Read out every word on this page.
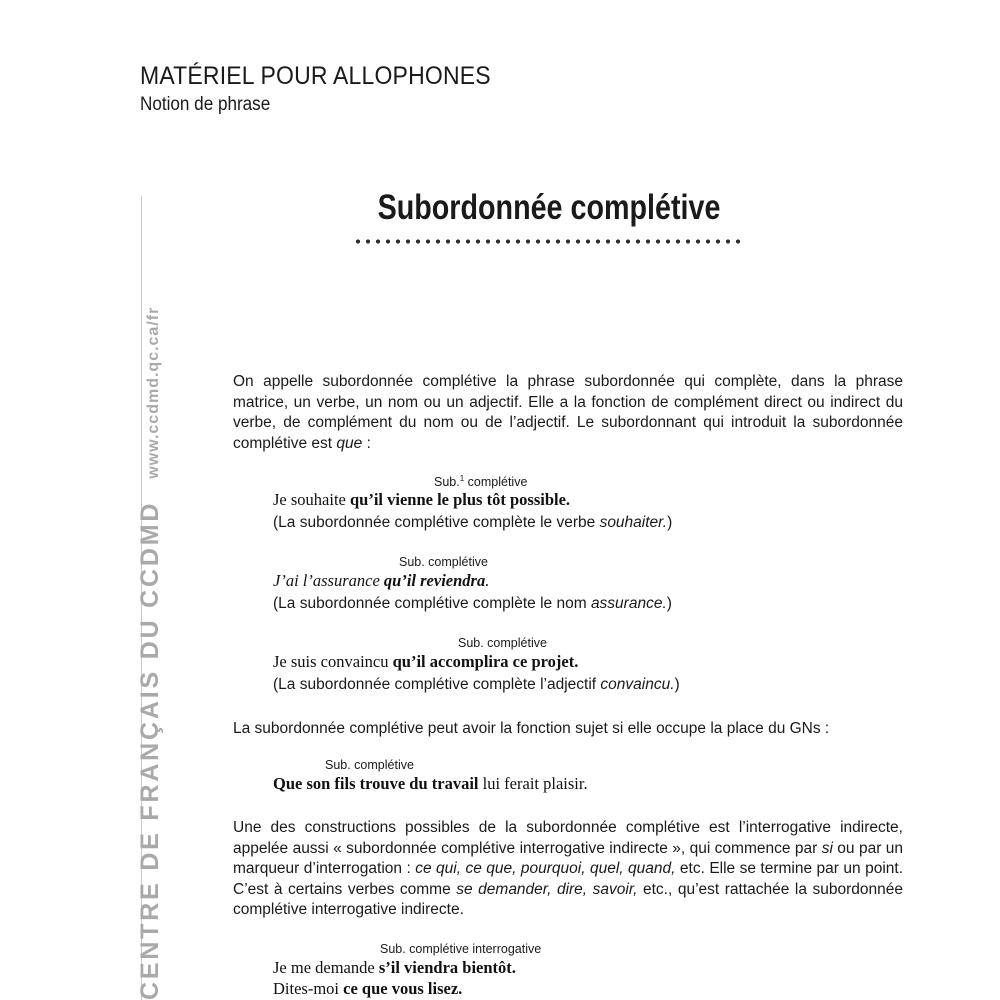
MATÉRIEL POUR ALLOPHONES
Notion de phrase
CENTRE DE FRANÇAIS DU CCDMDwww.ccdmd.qc.ca/fr
Subordonnée complétive
On appelle subordonnée complétive la phrase subordonnée qui complète, dans la phrase matrice, un verbe, un nom ou un adjectif. Elle a la fonction de complément direct ou indirect du verbe, de complément du nom ou de l’adjectif. Le subordonnant qui introduit la subordonnée complétive est que :
Sub.$^1$ complétive
Je souhaite qu’il vienne le plus tôt possible.
(La subordonnée complétive complète le verbe souhaiter.)
Sub. complétive
J’ai l’assurance qu’il reviendra.
(La subordonnée complétive complète le nom assurance.)
Sub. complétive
Je suis convaincu qu’il accomplira ce projet.
(La subordonnée complétive complète l’adjectif convaincu.)
La subordonnée complétive peut avoir la fonction sujet si elle occupe la place du GNs :
Sub. complétive
Que son fils trouve du travail lui ferait plaisir.
Une des constructions possibles de la subordonnée complétive est l’interrogative indirecte, appelée aussi « subordonnée complétive interrogative indirecte », qui commence par si ou par un marqueur d’interrogation : ce qui, ce que, pourquoi, quel, quand, etc. Elle se termine par un point. C’est à certains verbes comme se demander, dire, savoir, etc., qu’est rattachée la subordonnée complétive interrogative indirecte.
Sub. complétive interrogative
Je me demande s’il viendra bientôt.
Dites-moi ce que vous lisez.
